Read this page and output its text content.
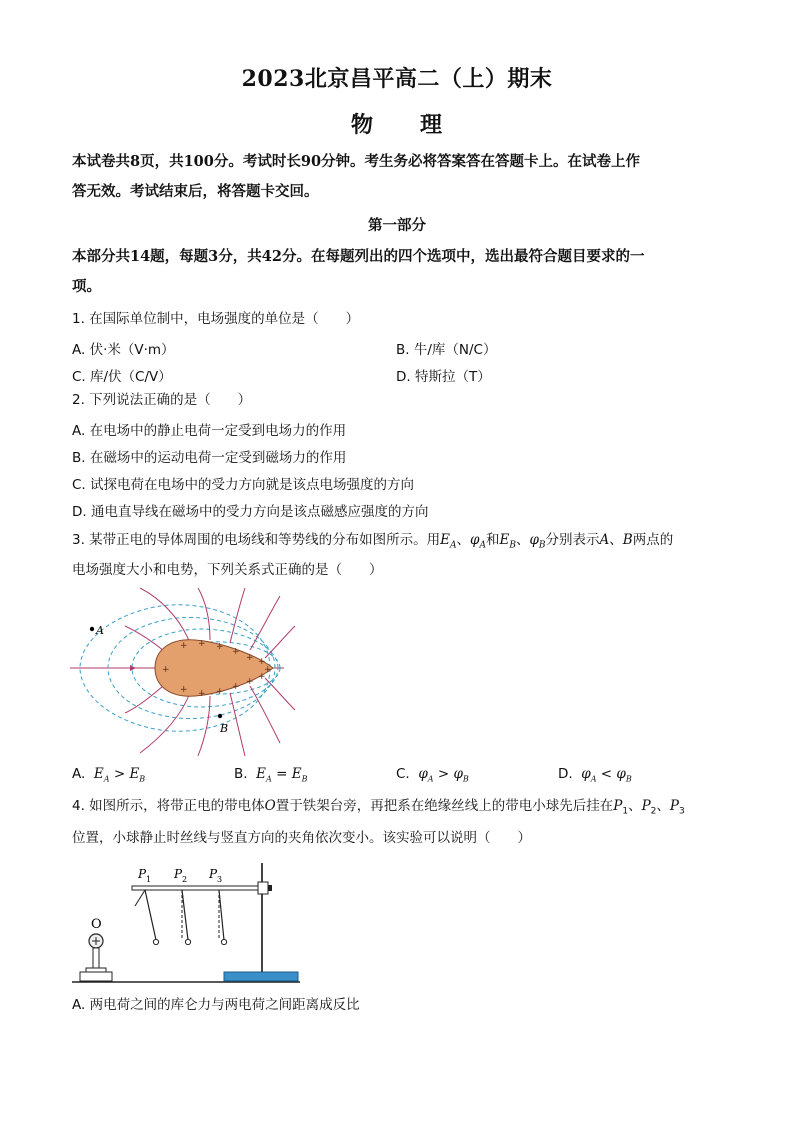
2023北京昌平高二（上）期末
物　　理
本试卷共8页，共100分。考试时长90分钟。考生务必将答案答在答题卡上。在试卷上作
答无效。考试结束后，将答题卡交回。
第一部分
本部分共14题，每题3分，共42分。在每题列出的四个选项中，选出最符合题目要求的一
项。
1. 在国际单位制中，电场强度的单位是（　　）
A. 伏·米（V·m）	B. 牛/库（N/C）
C. 库/伏（C/V）	D. 特斯拉（T）
2. 下列说法正确的是（　　）
A. 在电场中的静止电荷一定受到电场力的作用
B. 在磁场中的运动电荷一定受到磁场力的作用
C. 试探电荷在电场中的受力方向就是该点电场强度的方向
D. 通电直导线在磁场中的受力方向是该点磁感应强度的方向
3. 某带正电的导体周围的电场线和等势线的分布如图所示。用$E_A$、$\varphi_A$和$E_B$、$\varphi_B$分别表示A、B两点的
电场强度大小和电势，下列关系式正确的是（　　）
+ + + +
+ +
+
+
+
+
+
+
+
+
A
B
A. $E_A > E_B$	B. $E_A = E_B$	C. $\varphi_A > \varphi_B$	D. $\varphi_A < \varphi_B$
4. 如图所示，将带正电的带电体O置于铁架台旁，再把系在绝缘丝线上的带电小球先后挂在$P_1$、$P_2$、$P_3$
位置，小球静止时丝线与竖直方向的夹角依次变小。该实验可以说明（　　）
O
P 1 P 2 P 3
A. 两电荷之间的库仑力与两电荷之间距离成反比
